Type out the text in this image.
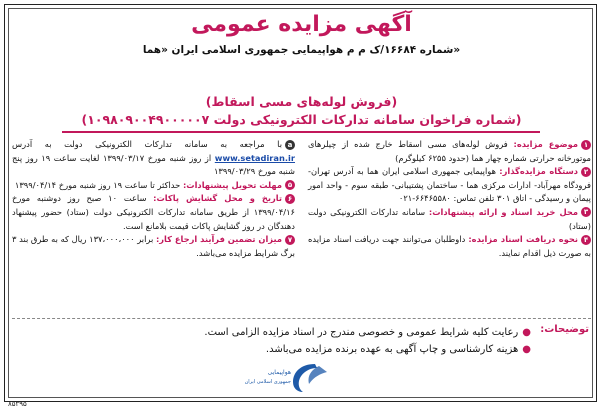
آگهی مزایده عمومی
شماره ۱۶۶۸۴/ک م م هواپیمایی جمهوری اسلامی ایران «هما»
(فروش لوله‌های مسی اسقاط)
(شماره فراخوان سامانه تدارکات الکترونیکی دولت ۱۰۹۸۰۹۰۰۴۹۰۰۰۰۰۷)

۱موضوع مزایده: فروش لوله‌های مسی اسقاط خارج شده از چیلرهای موتورخانه حرارتی شماره چهار هما (حدود ۶۲۵۵ کیلوگرم)

۲دستگاه مزایده‌گذار: هواپیمایی جمهوری اسلامی ایران هما به آدرس تهران- فرودگاه مهرآباد- ادارات مرکزی هما - ساختمان پشتیبانی- طبقه سوم - واحد امور پیمان و رسیدگی - اتاق ۳۰۱ تلفن تماس: ۶۶۴۶۵۵۸۰-۰۲۱

۳محل خرید اسناد و ارائه پیشنهادات: سامانه تدارکات الکترونیکی دولت (ستاد)

۴نحوه دریافت اسناد مزایده: داوطلبان می‌توانند جهت دریافت اسناد مزایده به صورت ذیل اقدام نمایند.

aبا مراجعه به سامانه تدارکات الکترونیکی دولت به آدرس www.setadiran.ir از روز شنبه مورخ ۱۳۹۹/۰۳/۱۷ لغایت ساعت ۱۹ روز پنج شنبه مورخ ۱۳۹۹/۰۳/۲۹

۵مهلت تحویل پیشنهادات: حداکثر تا ساعت ۱۹ روز شنبه مورخ ۱۳۹۹/۰۴/۱۴

۶تاریخ و محل گشایش پاکات: ساعت ۱۰ صبح روز دوشنبه مورخ ۱۳۹۹/۰۴/۱۶ از طریق سامانه تدارکات الکترونیکی دولت (ستاد) حضور پیشنهاد دهندگان در روز گشایش پاکات قیمت بلامانع است.

۷میزان تضمین فرآیند ارجاع کار: برابر ۱۳۷،۰۰۰،۰۰۰ ریال که به طرق بند ۳ برگ شرایط مزایده می‌باشد.

توضیحات:
●رعایت کلیه شرایط عمومی و خصوصی مندرج در اسناد مزایده الزامی است.
●هزینه کارشناسی و چاپ آگهی به عهده برنده مزایده می‌باشد.
هواپیمایی
جمهوری اسلامی ایران
۸۵۲۹۵
